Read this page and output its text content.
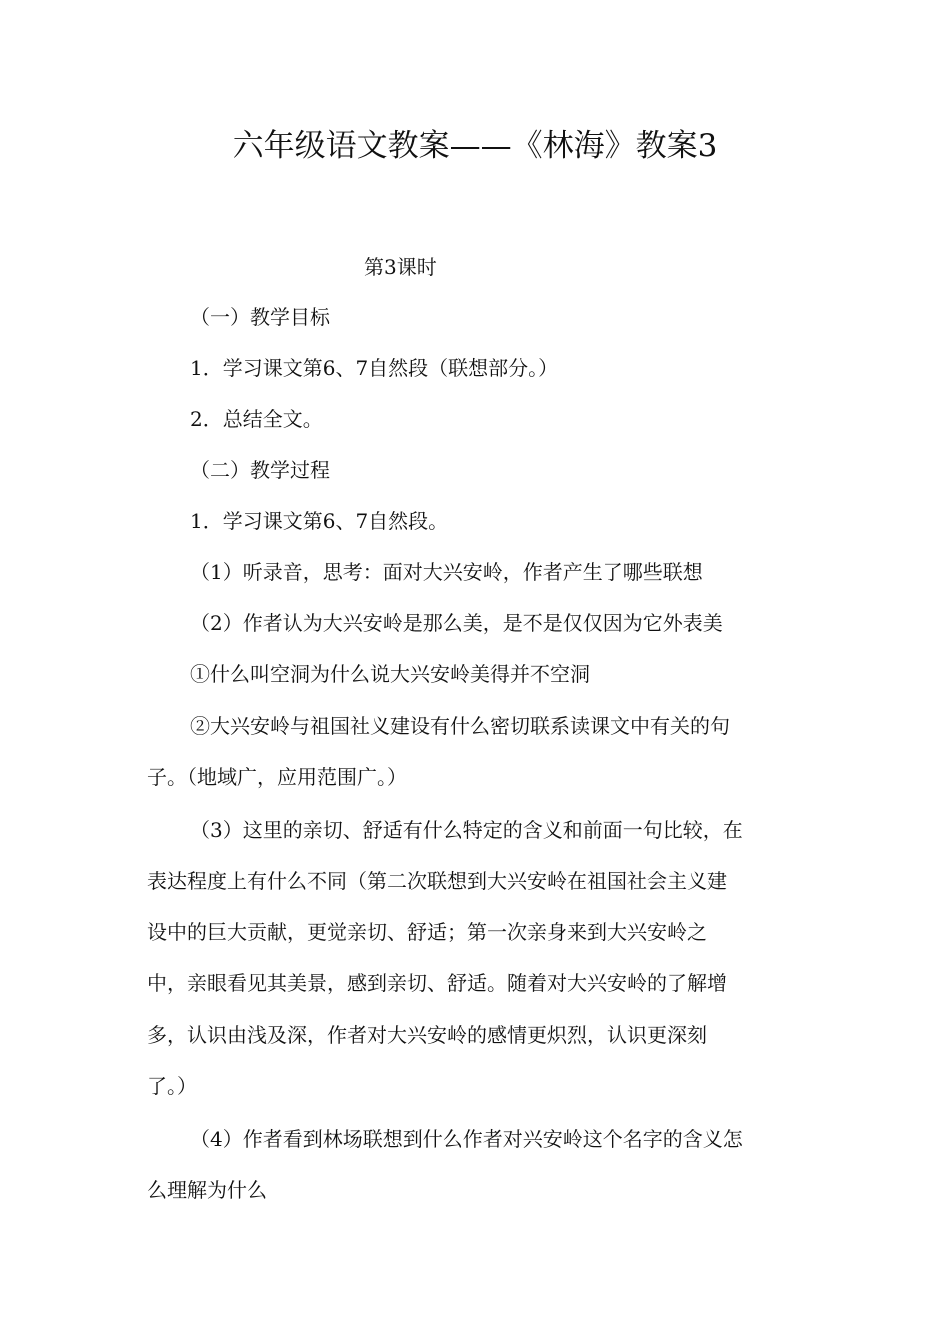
六年级语文教案——《林海》教案3
第3课时
（一）教学目标
1．学习课文第6、7自然段（联想部分。）
2．总结全文。
（二）教学过程
1．学习课文第6、7自然段。
（1）听录音，思考：面对大兴安岭，作者产生了哪些联想
（2）作者认为大兴安岭是那么美，是不是仅仅因为它外表美
①什么叫空洞为什么说大兴安岭美得并不空洞
②大兴安岭与祖国社义建设有什么密切联系读课文中有关的句
子。（地域广，应用范围广。）
（3）这里的亲切、舒适有什么特定的含义和前面一句比较，在
表达程度上有什么不同（第二次联想到大兴安岭在祖国社会主义建
设中的巨大贡献，更觉亲切、舒适；第一次亲身来到大兴安岭之
中，亲眼看见其美景，感到亲切、舒适。随着对大兴安岭的了解增
多，认识由浅及深，作者对大兴安岭的感情更炽烈，认识更深刻
了。）
（4）作者看到林场联想到什么作者对兴安岭这个名字的含义怎
么理解为什么
